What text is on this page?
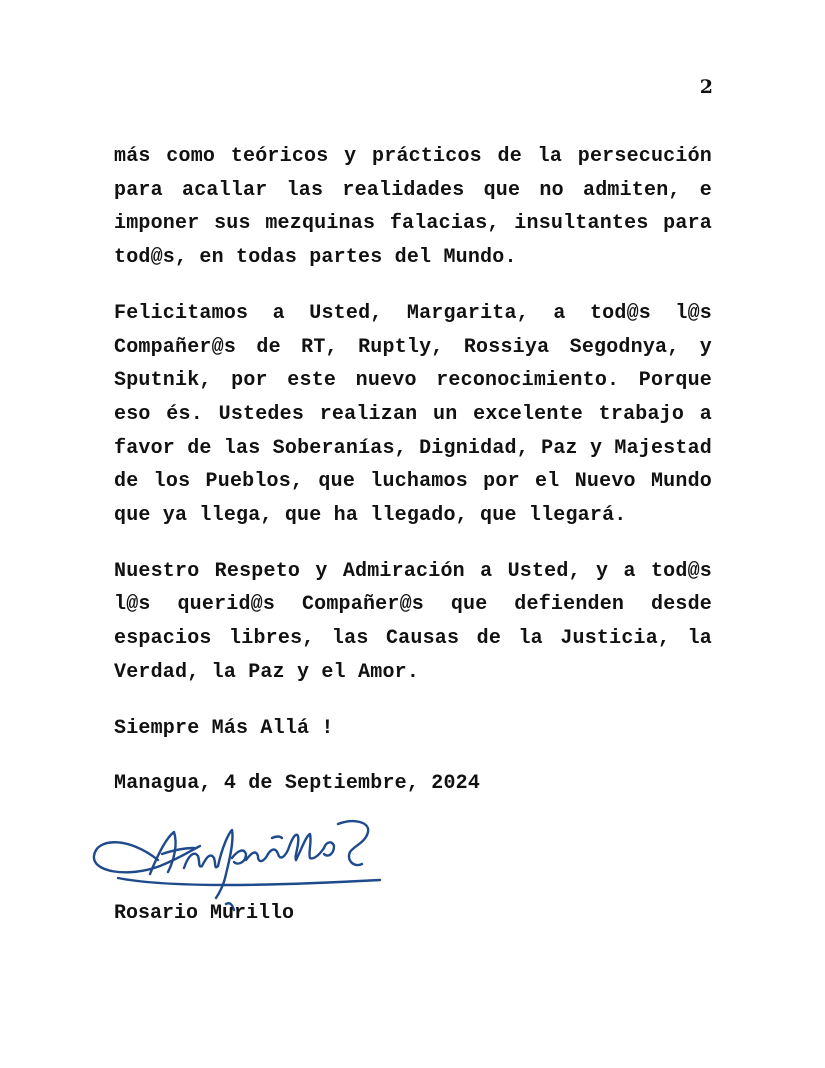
2

más como teóricos y prácticos de la persecución para acallar las realidades que no admiten, e imponer sus mezquinas falacias, insultantes para tod@s, en todas partes del Mundo.

Felicitamos a Usted, Margarita, a tod@s l@s Compañer@s de RT, Ruptly, Rossiya Segodnya, y Sputnik, por este nuevo reconocimiento. Porque eso és. Ustedes realizan un excelente trabajo a favor de las Soberanías, Dignidad, Paz y Majestad de los Pueblos, que luchamos por el Nuevo Mundo que ya llega, que ha llegado, que llegará.

Nuestro Respeto y Admiración a Usted, y a tod@s l@s querid@s Compañer@s que defienden desde espacios libres, las Causas de la Justicia, la Verdad, la Paz y el Amor.

Siempre Más Allá !

Managua, 4 de Septiembre, 2024

Rosario Murillo
